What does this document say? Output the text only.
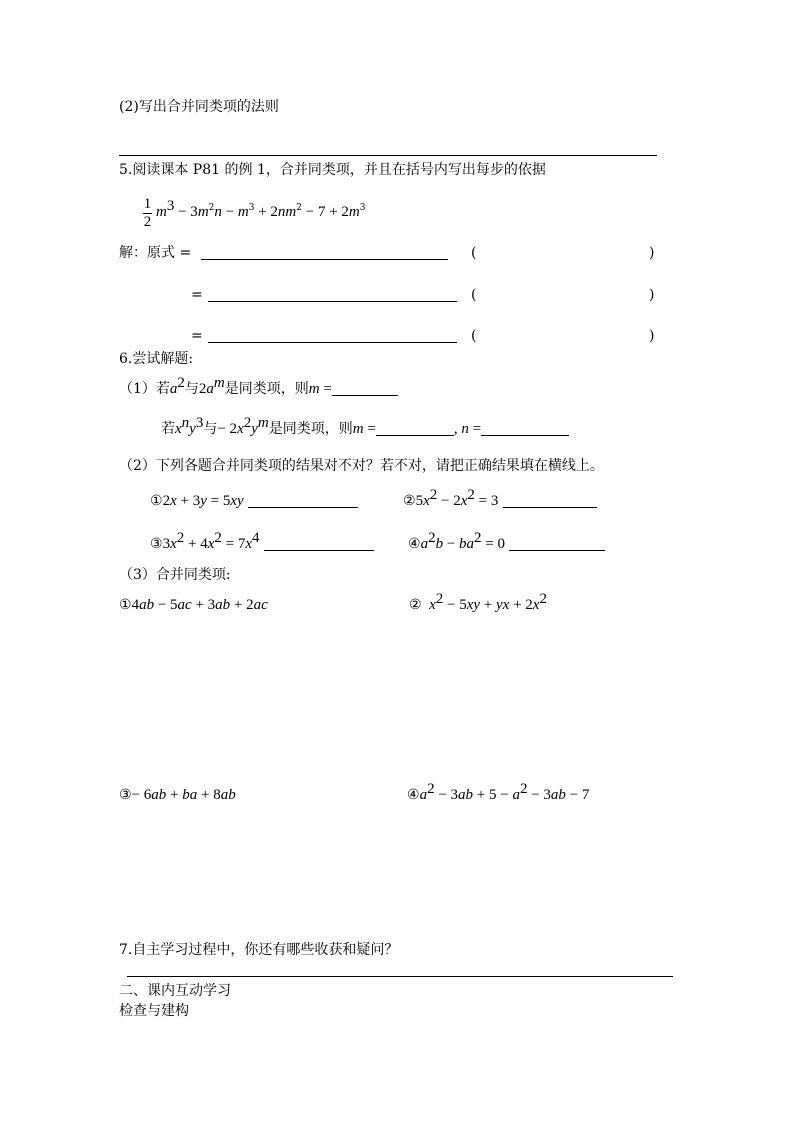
(2)写出合并同类项的法则
5.阅读课本 P81 的例 1，合并同类项，并且在括号内写出每步的依据
1
2
$m^3 - 3m^2n - m^3 + 2nm^2 - 7 + 2m^3$
解：原式 =	(	)
=	(	)
=	(	)
6.尝试解题:
（1）若$a^2$与$2a^m$是同类项，则m =
若$x^ny^3$与− $2x^2y^m$是同类项，则m =	, n =
（2）下列各题合并同类项的结果对不对？若不对，请把正确结果填在横线上。
①2x + 3y = 5xy	$②5x^2 - 2x^2 = 3$
$③3x^2 + 4x^2 = 7x^4$	$④a^2b - ba^2 = 0$
（3）合并同类项:
①4ab − 5ac + 3ab + 2ac	② $x^2 - 5xy$ + yx + $2x^2$
③− 6ab + ba + 8ab	$④a^2 - 3ab + 5 - a^2 - 3ab - 7$
7.自主学习过程中，你还有哪些收获和疑问？
二、课内互动学习
检查与建构
